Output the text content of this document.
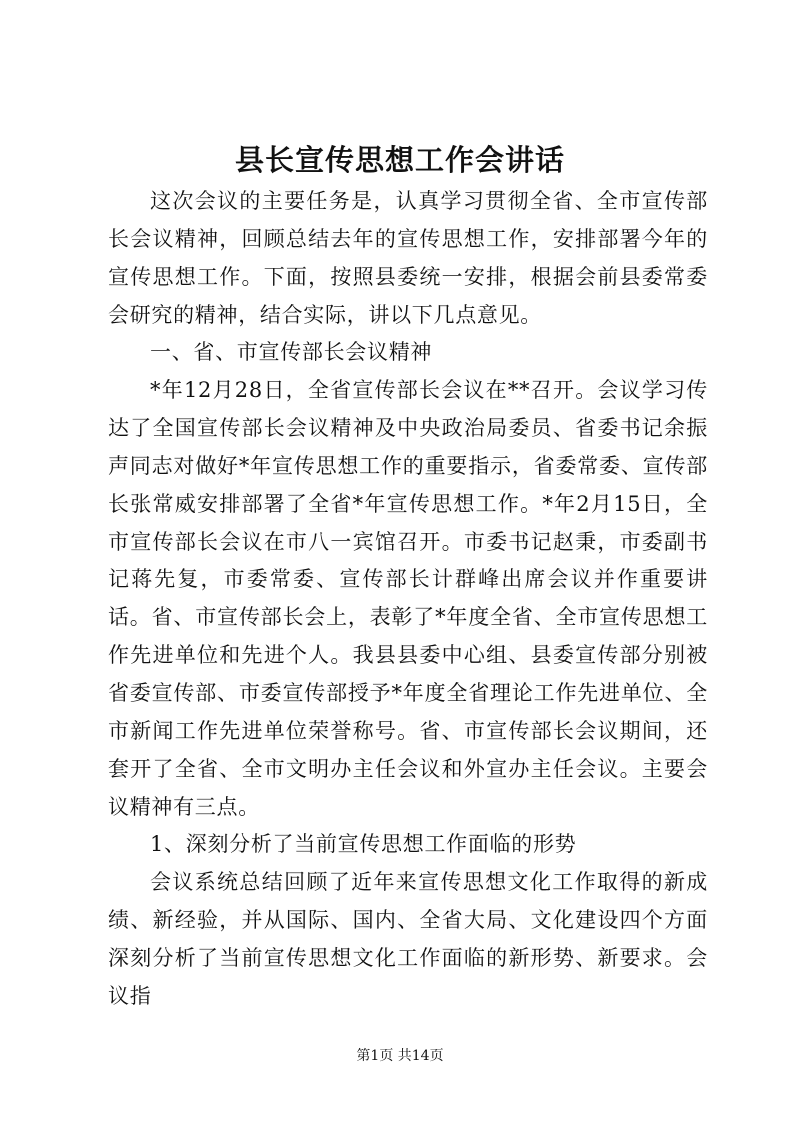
县长宣传思想工作会讲话

这次会议的主要任务是，认真学习贯彻全省、全市宣传部长会议精神，回顾总结去年的宣传思想工作，安排部署今年的宣传思想工作。下面，按照县委统一安排，根据会前县委常委会研究的精神，结合实际，讲以下几点意见。

一、省、市宣传部长会议精神

*年12月28日，全省宣传部长会议在**召开。会议学习传达了全国宣传部长会议精神及中央政治局委员、省委书记余振声同志对做好*年宣传思想工作的重要指示，省委常委、宣传部长张常威安排部署了全省*年宣传思想工作。*年2月15日，全市宣传部长会议在市八一宾馆召开。市委书记赵秉，市委副书记蒋先复，市委常委、宣传部长计群峰出席会议并作重要讲话。省、市宣传部长会上，表彰了*年度全省、全市宣传思想工作先进单位和先进个人。我县县委中心组、县委宣传部分别被省委宣传部、市委宣传部授予*年度全省理论工作先进单位、全市新闻工作先进单位荣誉称号。省、市宣传部长会议期间，还套开了全省、全市文明办主任会议和外宣办主任会议。主要会议精神有三点。

1、深刻分析了当前宣传思想工作面临的形势

会议系统总结回顾了近年来宣传思想文化工作取得的新成绩、新经验，并从国际、国内、全省大局、文化建设四个方面深刻分析了当前宣传思想文化工作面临的新形势、新要求。会议指

第1页 共14页
